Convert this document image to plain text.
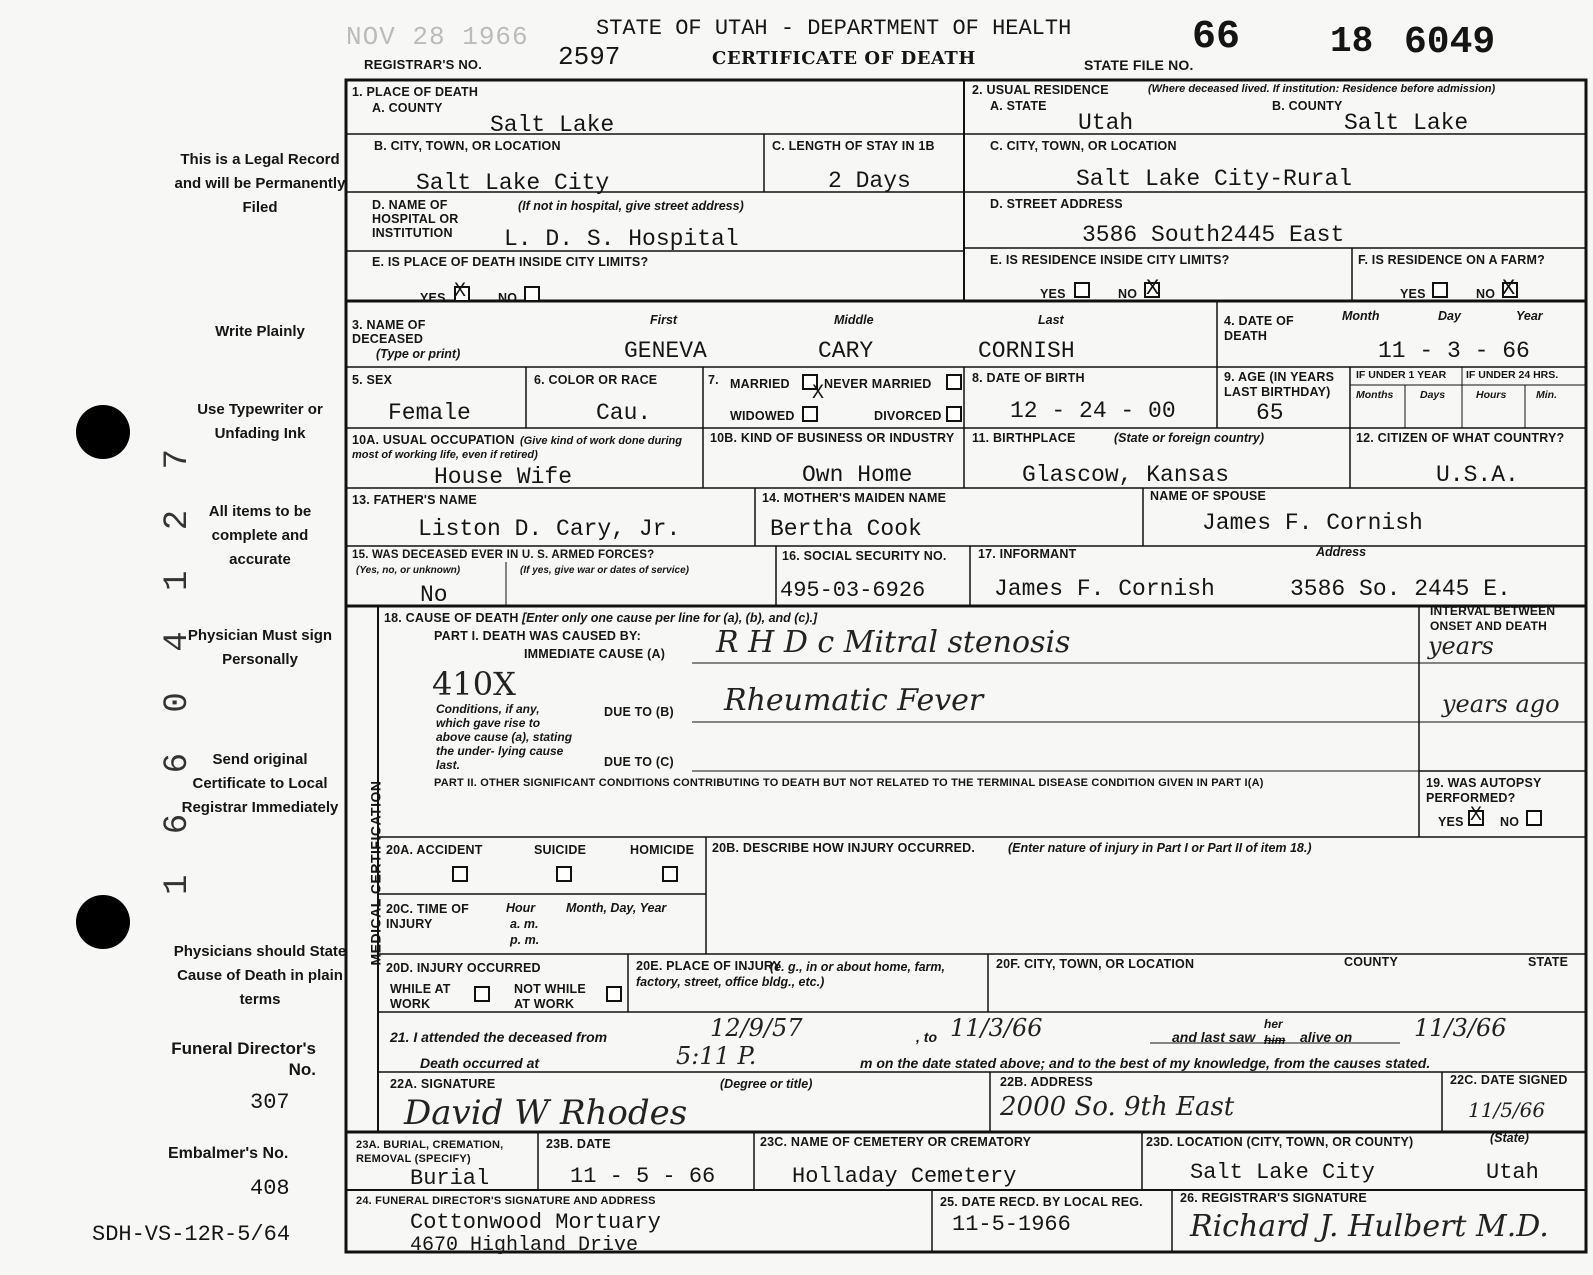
NOV 28 1966	STATE OF UTAH - DEPARTMENT OF HEALTH
REGISTRAR'S NO.	2597	CERTIFICATE OF DEATH	STATE FILE NO.
66 18 6049
This is a Legal Record and will be Permanently Filed
Write Plainly
Use Typewriter or Unfading Ink
All items to be complete and accurate
Physician Must sign Personally
Send original Certificate to Local Registrar Immediately
Physicians should State Cause of Death in plain terms
1 6 6 0 4 1 2 7
Funeral Director's No.
307
Embalmer's No.
408
SDH-VS-12R-5/64
1. PLACE OF DEATH
A. COUNTY
Salt Lake
B. CITY, TOWN, OR LOCATION
Salt Lake City
C. LENGTH OF STAY IN 1B
2 Days
D. NAME OF HOSPITAL OR INSTITUTION
(If not in hospital, give street address)
L. D. S. Hospital
E. IS PLACE OF DEATH INSIDE CITY LIMITS?
YES X	NO
2. USUAL RESIDENCE	(Where deceased lived. If institution: Residence before admission)
A. STATE
Utah
B. COUNTY
Salt Lake
C. CITY, TOWN, OR LOCATION
Salt Lake City-Rural
D. STREET ADDRESS
3586 South2445 East
E. IS RESIDENCE INSIDE CITY LIMITS?
YES	NO X
F. IS RESIDENCE ON A FARM?
YES	NO X
3. NAME OF DECEASED
(Type or print)
First	Middle	Last
GENEVA	CARY	CORNISH
4. DATE OF DEATH
Month	Day	Year
11 - 3 - 66
5. SEX
Female
6. COLOR OR RACE
Cau.
7. MARRIED X NEVER MARRIED
WIDOWED	DIVORCED
8. DATE OF BIRTH
12 - 24 - 00
9. AGE (IN YEARS LAST BIRTHDAY)
65
IF UNDER 1 YEAR IF UNDER 24 HRS.
Months	Days	Hours	Min.
10A. USUAL OCCUPATION (Give kind of work done during most of working life, even if retired)
House Wife
10B. KIND OF BUSINESS OR INDUSTRY
Own Home
11. BIRTHPLACE	(State or foreign country)
Glascow, Kansas
12. CITIZEN OF WHAT COUNTRY?
U.S.A.
13. FATHER'S NAME
Liston D. Cary, Jr.
14. MOTHER'S MAIDEN NAME
Bertha Cook
NAME OF SPOUSE
James F. Cornish
15. WAS DECEASED EVER IN U. S. ARMED FORCES?
(Yes, no, or unknown)	(If yes, give war or dates of service)
No
16. SOCIAL SECURITY NO.
495-03-6926
17. INFORMANT	Address
James F. Cornish	3586 So. 2445 E.
MEDICAL CERTIFICATION
18. CAUSE OF DEATH [Enter only one cause per line for (a), (b), and (c).]
PART I. DEATH WAS CAUSED BY:
IMMEDIATE CAUSE (A) R H D c Mitral stenosis
INTERVAL BETWEEN ONSET AND DEATH
years
410X
Conditions, if any, which gave rise to above cause (a), stating the under- lying cause last.
DUE TO (B) Rheumatic Fever	years ago
DUE TO (C)
PART II. OTHER SIGNIFICANT CONDITIONS CONTRIBUTING TO DEATH BUT NOT RELATED TO THE TERMINAL DISEASE CONDITION GIVEN IN PART I(A)	19. WAS AUTOPSY PERFORMED?
YES X NO
20A. ACCIDENT	SUICIDE	HOMICIDE 20B. DESCRIBE HOW INJURY OCCURRED.	(Enter nature of injury in Part I or Part II of item 18.)
20C. TIME OF INJURY
Hour
a. m.
p. m.
Month, Day, Year
20D. INJURY OCCURRED
WHILE AT WORK
NOT WHILE AT WORK
20E. PLACE OF INJURY
(e. g., in or about home, farm, factory, street, office bldg., etc.)
20F. CITY, TOWN, OR LOCATION	COUNTY	STATE
21. I attended the deceased from	12/9/57	, to 11/3/66	and last saw
her
him alive on	11/3/66
Death occurred at	5:11 P.	m on the date stated above; and to the best of my knowledge, from the causes stated.
22A. SIGNATURE	(Degree or title)
David W Rhodes
22B. ADDRESS
2000 So. 9th East
22C. DATE SIGNED
11/5/66
23A. BURIAL, CREMATION, REMOVAL (SPECIFY)
Burial
23B. DATE
11 - 5 - 66
23C. NAME OF CEMETERY OR CREMATORY
Holladay Cemetery
23D. LOCATION (CITY, TOWN, OR COUNTY)	(State)
Salt Lake City	Utah
24. FUNERAL DIRECTOR'S SIGNATURE AND ADDRESS
Cottonwood Mortuary
4670 Highland Drive
25. DATE RECD. BY LOCAL REG.
11-5-1966
26. REGISTRAR'S SIGNATURE
Richard J. Hulbert M.D.
